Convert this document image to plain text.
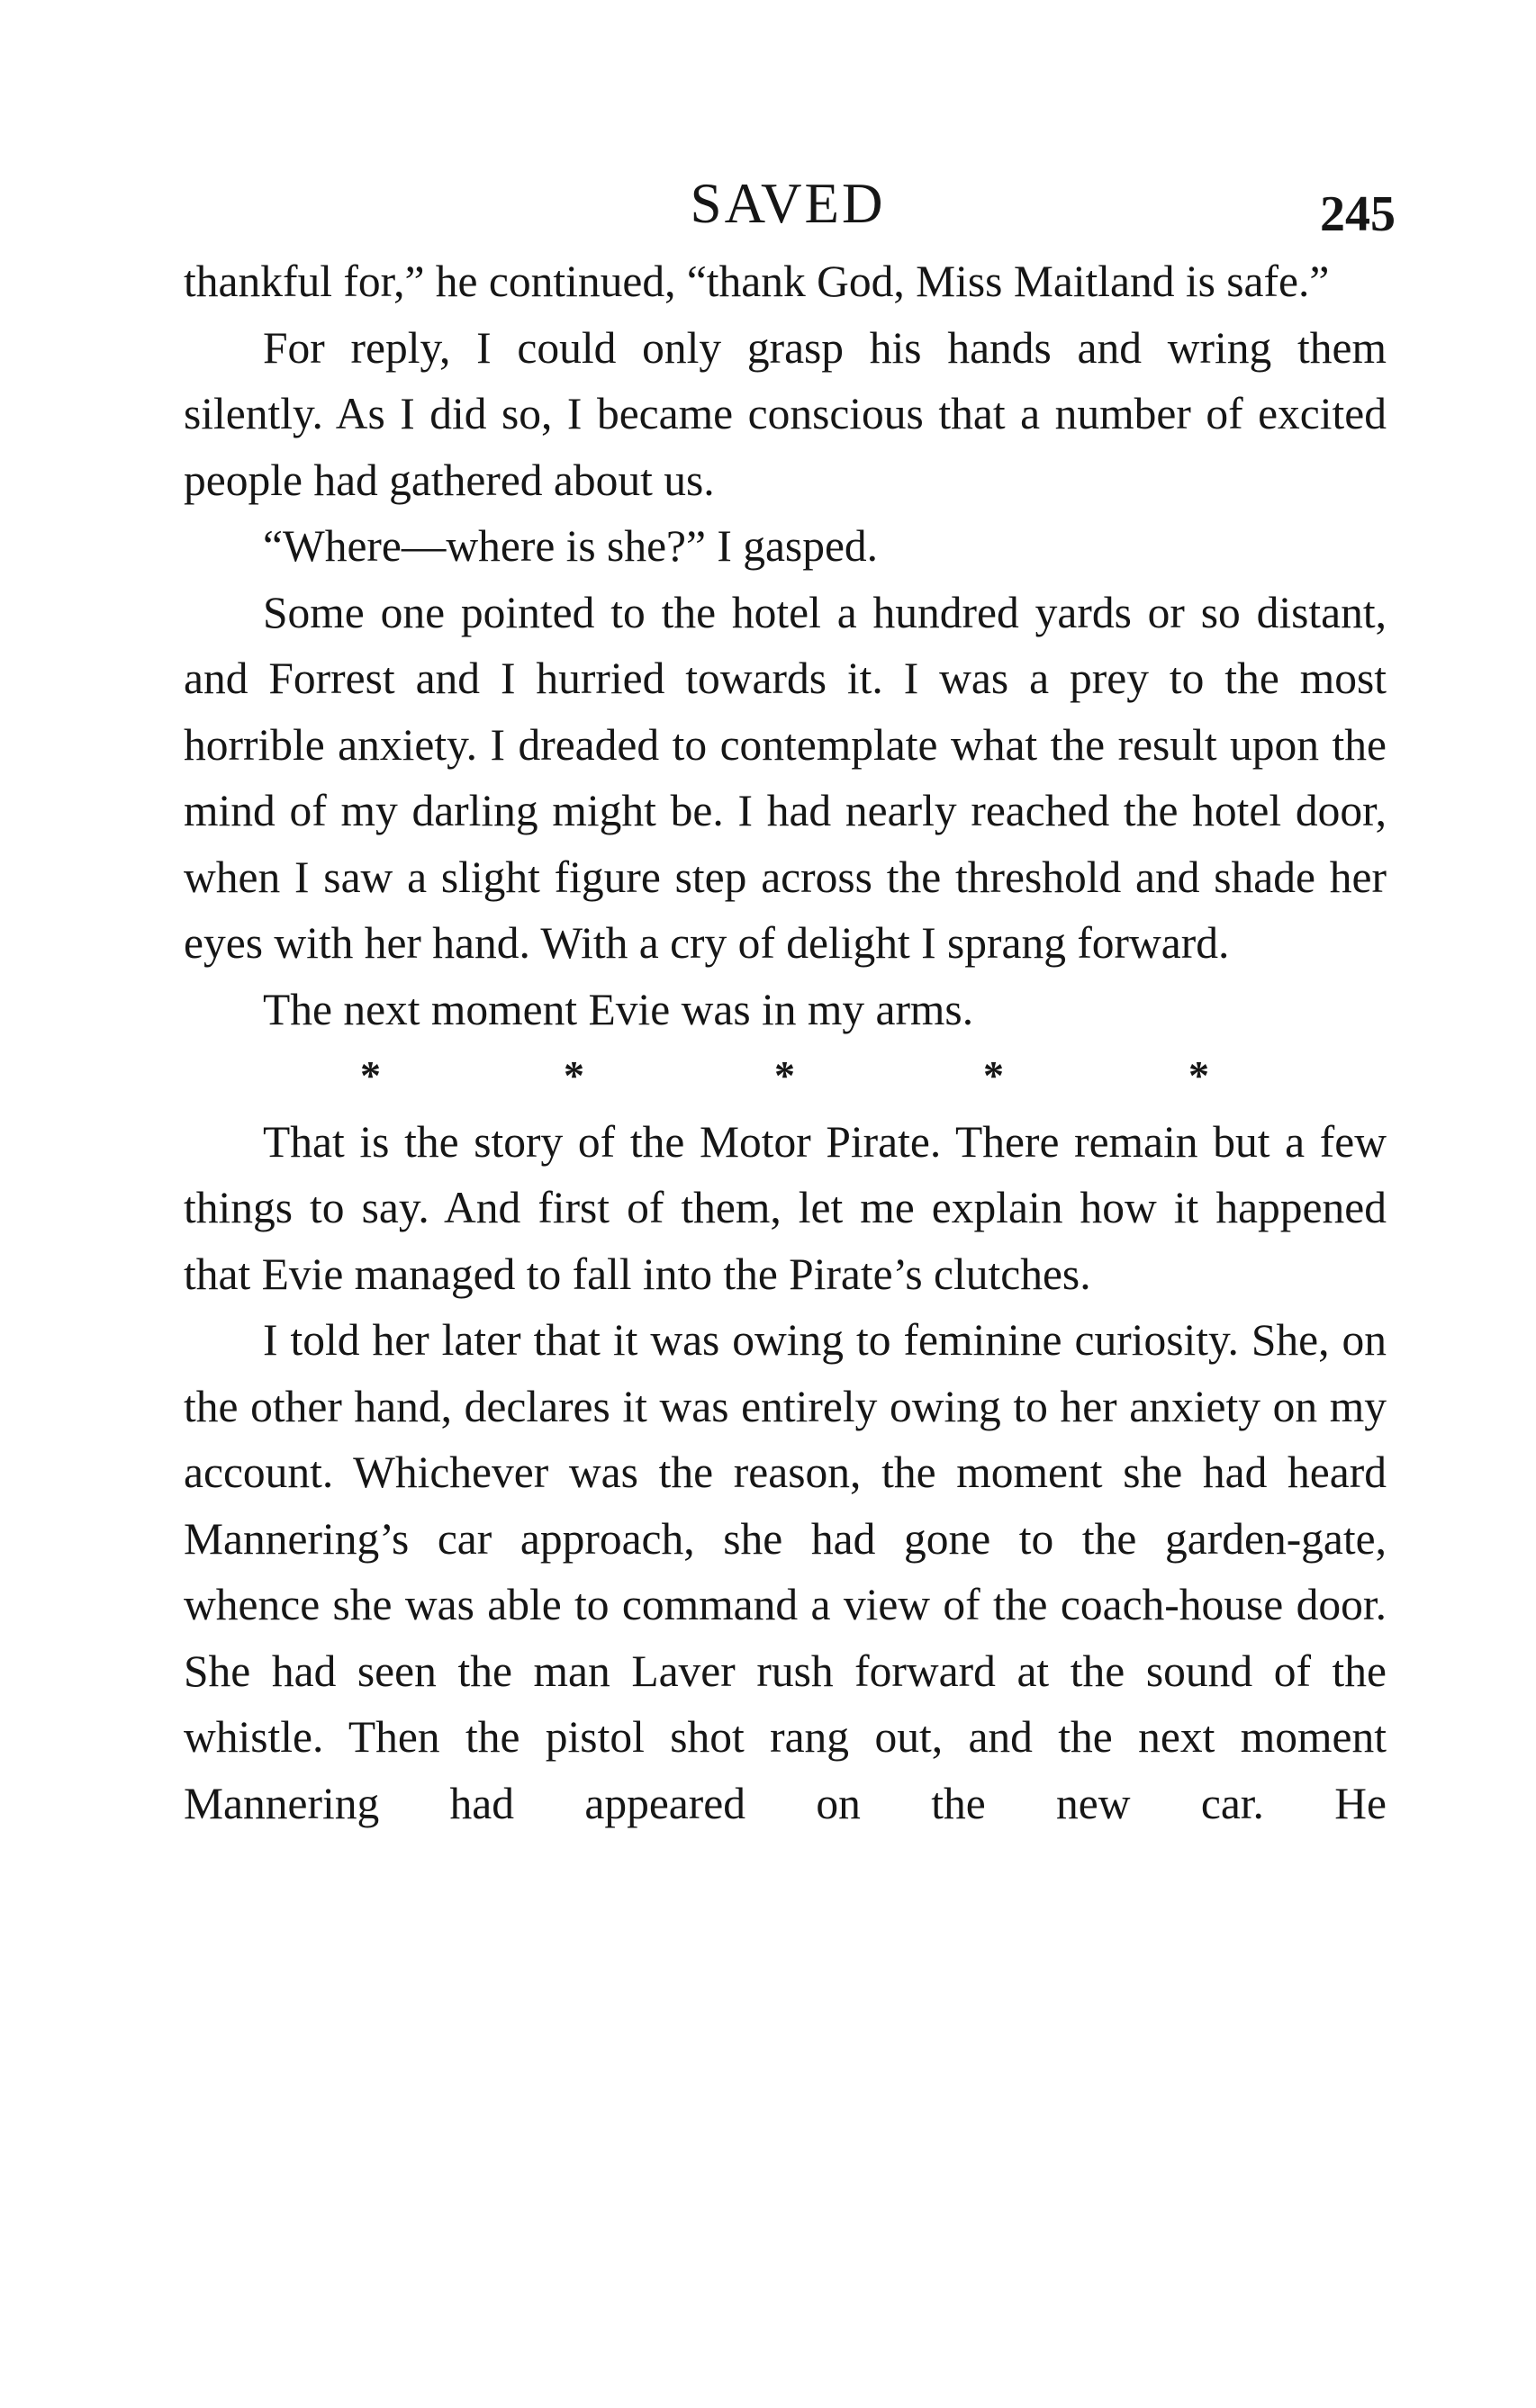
SAVED	245

thankful for,” he continued, “thank God, Miss Maitland is safe.”

For reply, I could only grasp his hands and wring them silently. As I did so, I became conscious that a number of excited people had gathered about us.

“Where—where is she?” I gasped.

Some one pointed to the hotel a hundred yards or so distant, and Forrest and I hurried towards it. I was a prey to the most horrible anxiety. I dreaded to contemplate what the result upon the mind of my darling might be. I had nearly reached the hotel door, when I saw a slight figure step across the threshold and shade her eyes with her hand. With a cry of delight I sprang forward.

The next moment Evie was in my arms.

*	*	*	*	*

That is the story of the Motor Pirate. There remain but a few things to say. And first of them, let me explain how it happened that Evie managed to fall into the Pirate’s clutches.

I told her later that it was owing to feminine curiosity. She, on the other hand, declares it was entirely owing to her anxiety on my account. Whichever was the reason, the moment she had heard Mannering’s car approach, she had gone to the garden-gate, whence she was able to command a view of the coach-house door. She had seen the man Laver rush forward at the sound of the whistle. Then the pistol shot rang out, and the next moment Mannering had appeared on the new car. He
